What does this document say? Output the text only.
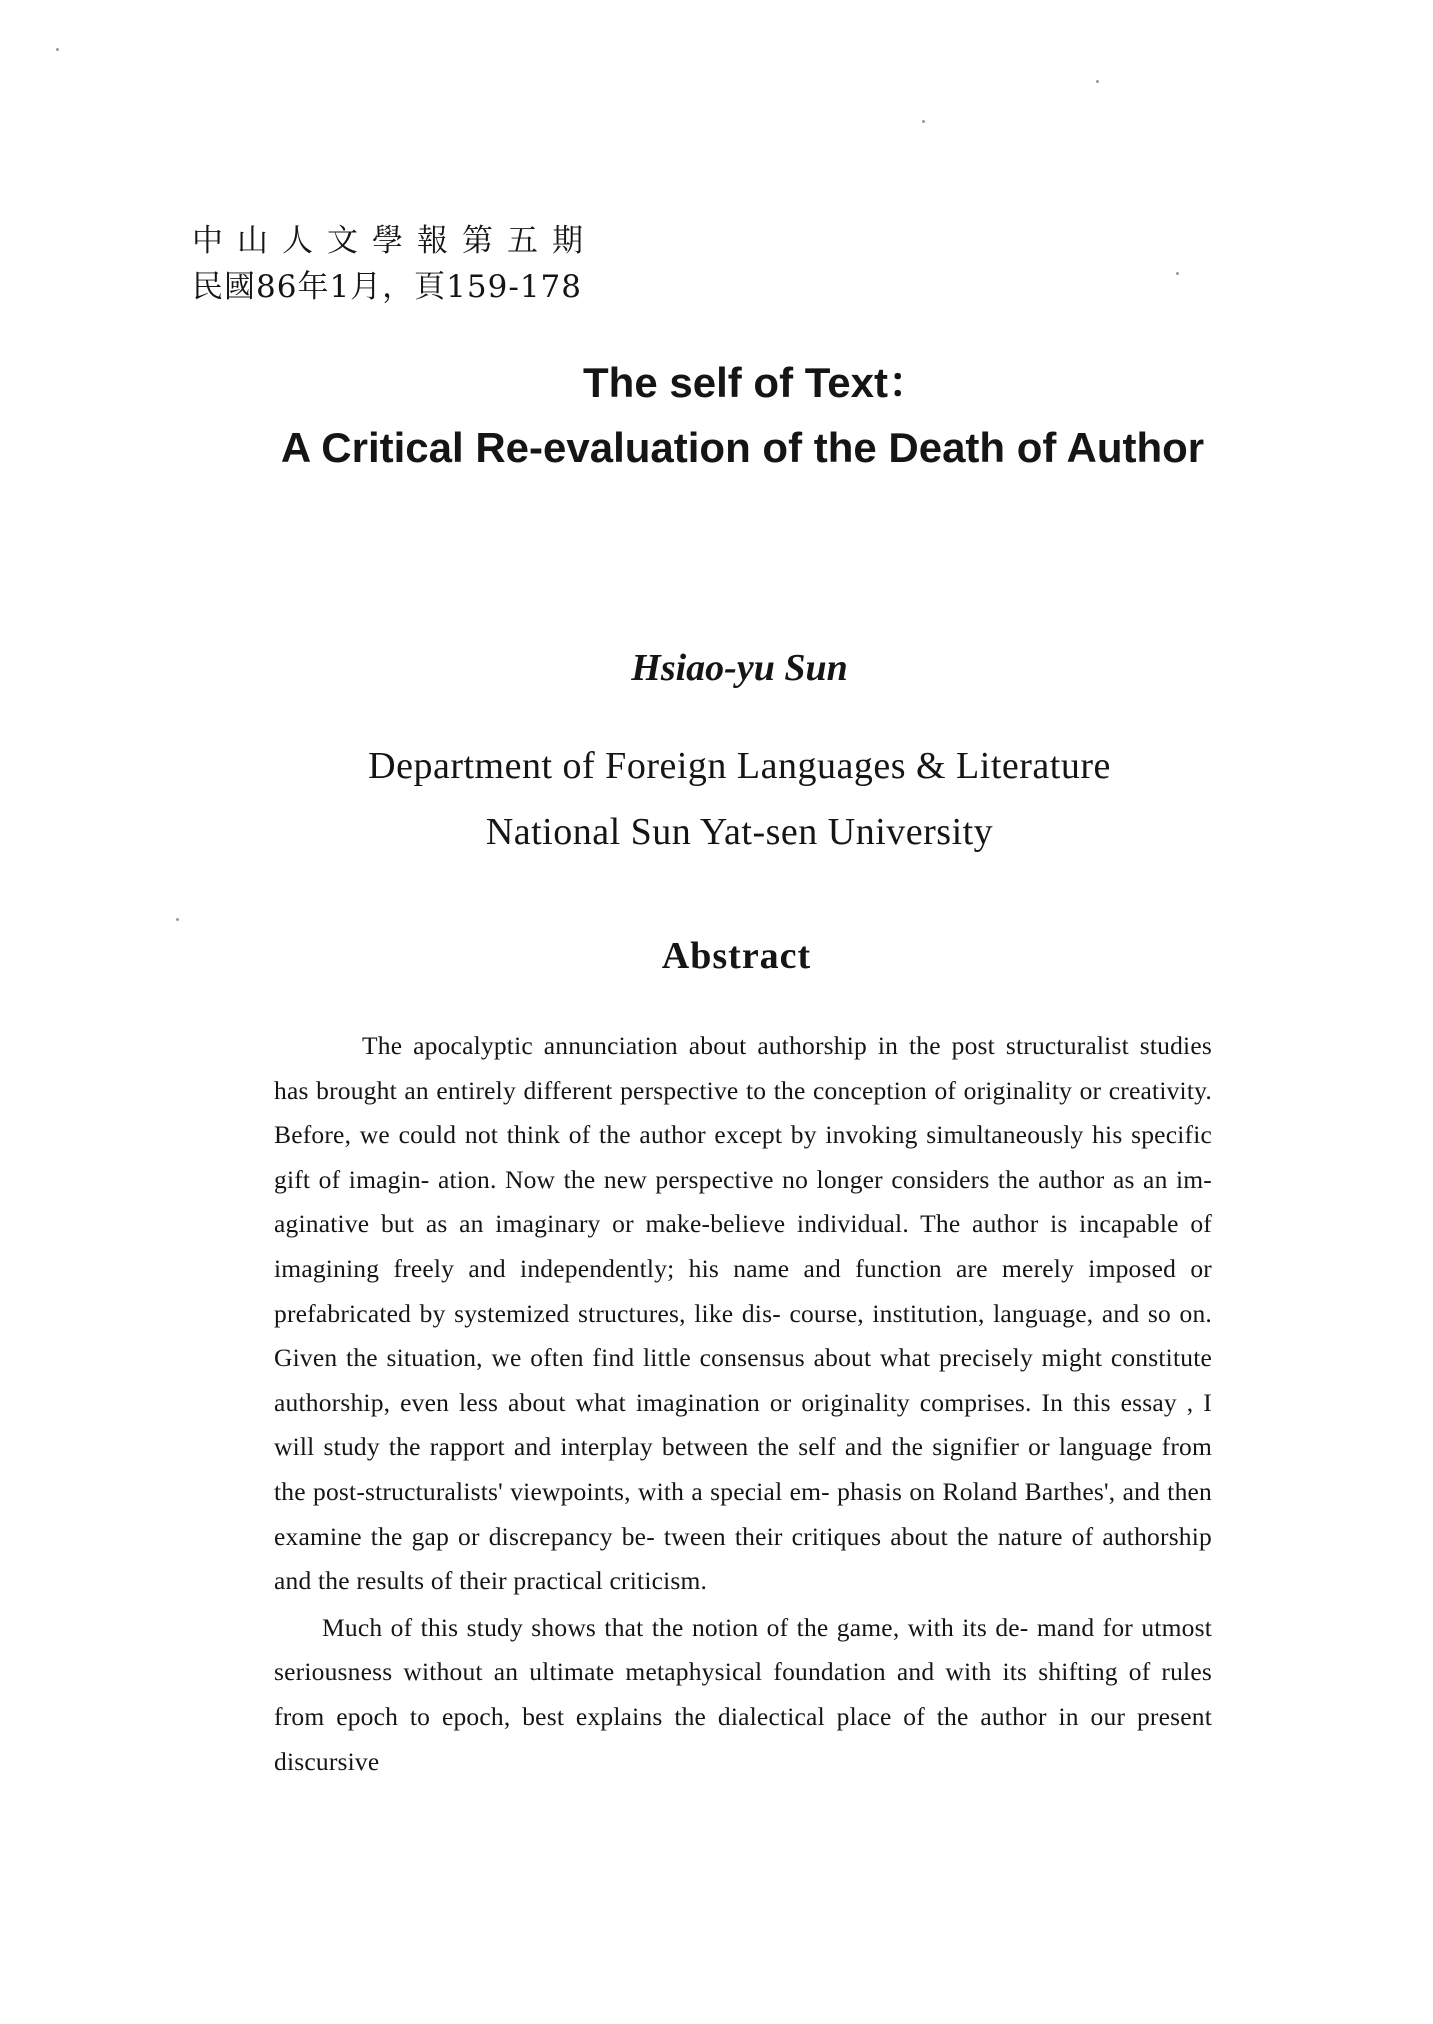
中山人文學報第五期
民國86年1月，頁159-178
The self of Text：
A Critical Re-evaluation of the Death of Author
Hsiao-yu Sun
Department of Foreign Languages & Literature
National Sun Yat-sen University
Abstract

The apocalyptic annunciation about authorship in the post structuralist studies has brought an entirely different perspective to the conception of originality or creativity. Before, we could not think of the author except by invoking simultaneously his specific gift of imagin- ation. Now the new perspective no longer considers the author as an im- aginative but as an imaginary or make-believe individual. The author is incapable of imagining freely and independently; his name and function are merely imposed or prefabricated by systemized structures, like dis- course, institution, language, and so on. Given the situation, we often find little consensus about what precisely might constitute authorship, even less about what imagination or originality comprises. In this essay , I will study the rapport and interplay between the self and the signifier or language from the post-structuralists' viewpoints, with a special em- phasis on Roland Barthes', and then examine the gap or discrepancy be- tween their critiques about the nature of authorship and the results of their practical criticism.

Much of this study shows that the notion of the game, with its de- mand for utmost seriousness without an ultimate metaphysical foundation and with its shifting of rules from epoch to epoch, best explains the dialectical place of the author in our present discursive
